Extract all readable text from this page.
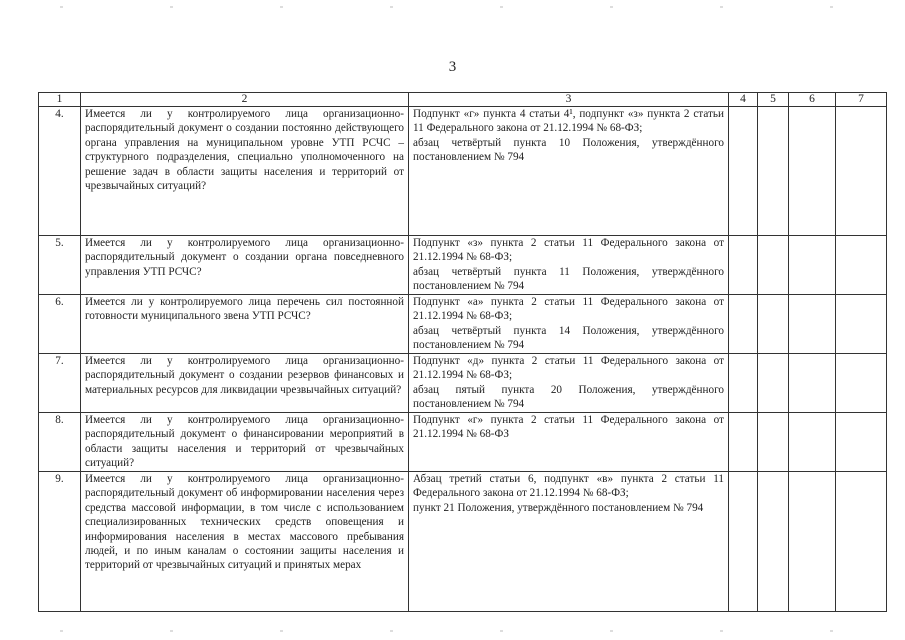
3
1	2	3	4	5	6	7
4.	Имеется ли у контролируемого лица организационно-распорядительный документ о создании постоянно действующего органа управления на муниципальном уровне УТП РСЧС – структурного подразделения, специально уполномоченного на решение задач в области защиты населения и территорий от чрезвычайных ситуаций?	Подпункт «г» пункта 4 статьи 4¹, подпункт «з» пункта 2 статьи 11 Федерального закона от 21.12.1994 № 68-ФЗ;
абзац четвёртый пункта 10 Положения, утверждённого постановлением № 794				

5.	Имеется ли у контролируемого лица организационно-распорядительный документ о создании органа повседневного управления УТП РСЧС?	Подпункт «з» пункта 2 статьи 11 Федерального закона от 21.12.1994 № 68-ФЗ;
абзац четвёртый пункта 11 Положения, утверждённого постановлением № 794				

6.	Имеется ли у контролируемого лица перечень сил постоянной готовности муниципального звена УТП РСЧС?	Подпункт «а» пункта 2 статьи 11 Федерального закона от 21.12.1994 № 68-ФЗ;
абзац четвёртый пункта 14 Положения, утверждённого постановлением № 794				

7.	Имеется ли у контролируемого лица организационно-распорядительный документ о создании резервов финансовых и материальных ресурсов для ликвидации чрезвычайных ситуаций?	Подпункт «д» пункта 2 статьи 11 Федерального закона от 21.12.1994 № 68-ФЗ;
абзац пятый пункта 20 Положения, утверждённого постановлением № 794				

8.	Имеется ли у контролируемого лица организационно-распорядительный документ о финансировании мероприятий в области защиты населения и территорий от чрезвычайных ситуаций?	Подпункт «г» пункта 2 статьи 11 Федерального закона от 21.12.1994 № 68-ФЗ				

9.	Имеется ли у контролируемого лица организационно-распорядительный документ об информировании населения через средства массовой информации, в том числе с использованием специализированных технических средств оповещения и информирования населения в местах массового пребывания людей, и по иным каналам о состоянии защиты населения и территорий от чрезвычайных ситуаций и принятых мерах	Абзац третий статьи 6, подпункт «в» пункта 2 статьи 11 Федерального закона от 21.12.1994 № 68-ФЗ;
пункт 21 Положения, утверждённого постановлением № 794				
